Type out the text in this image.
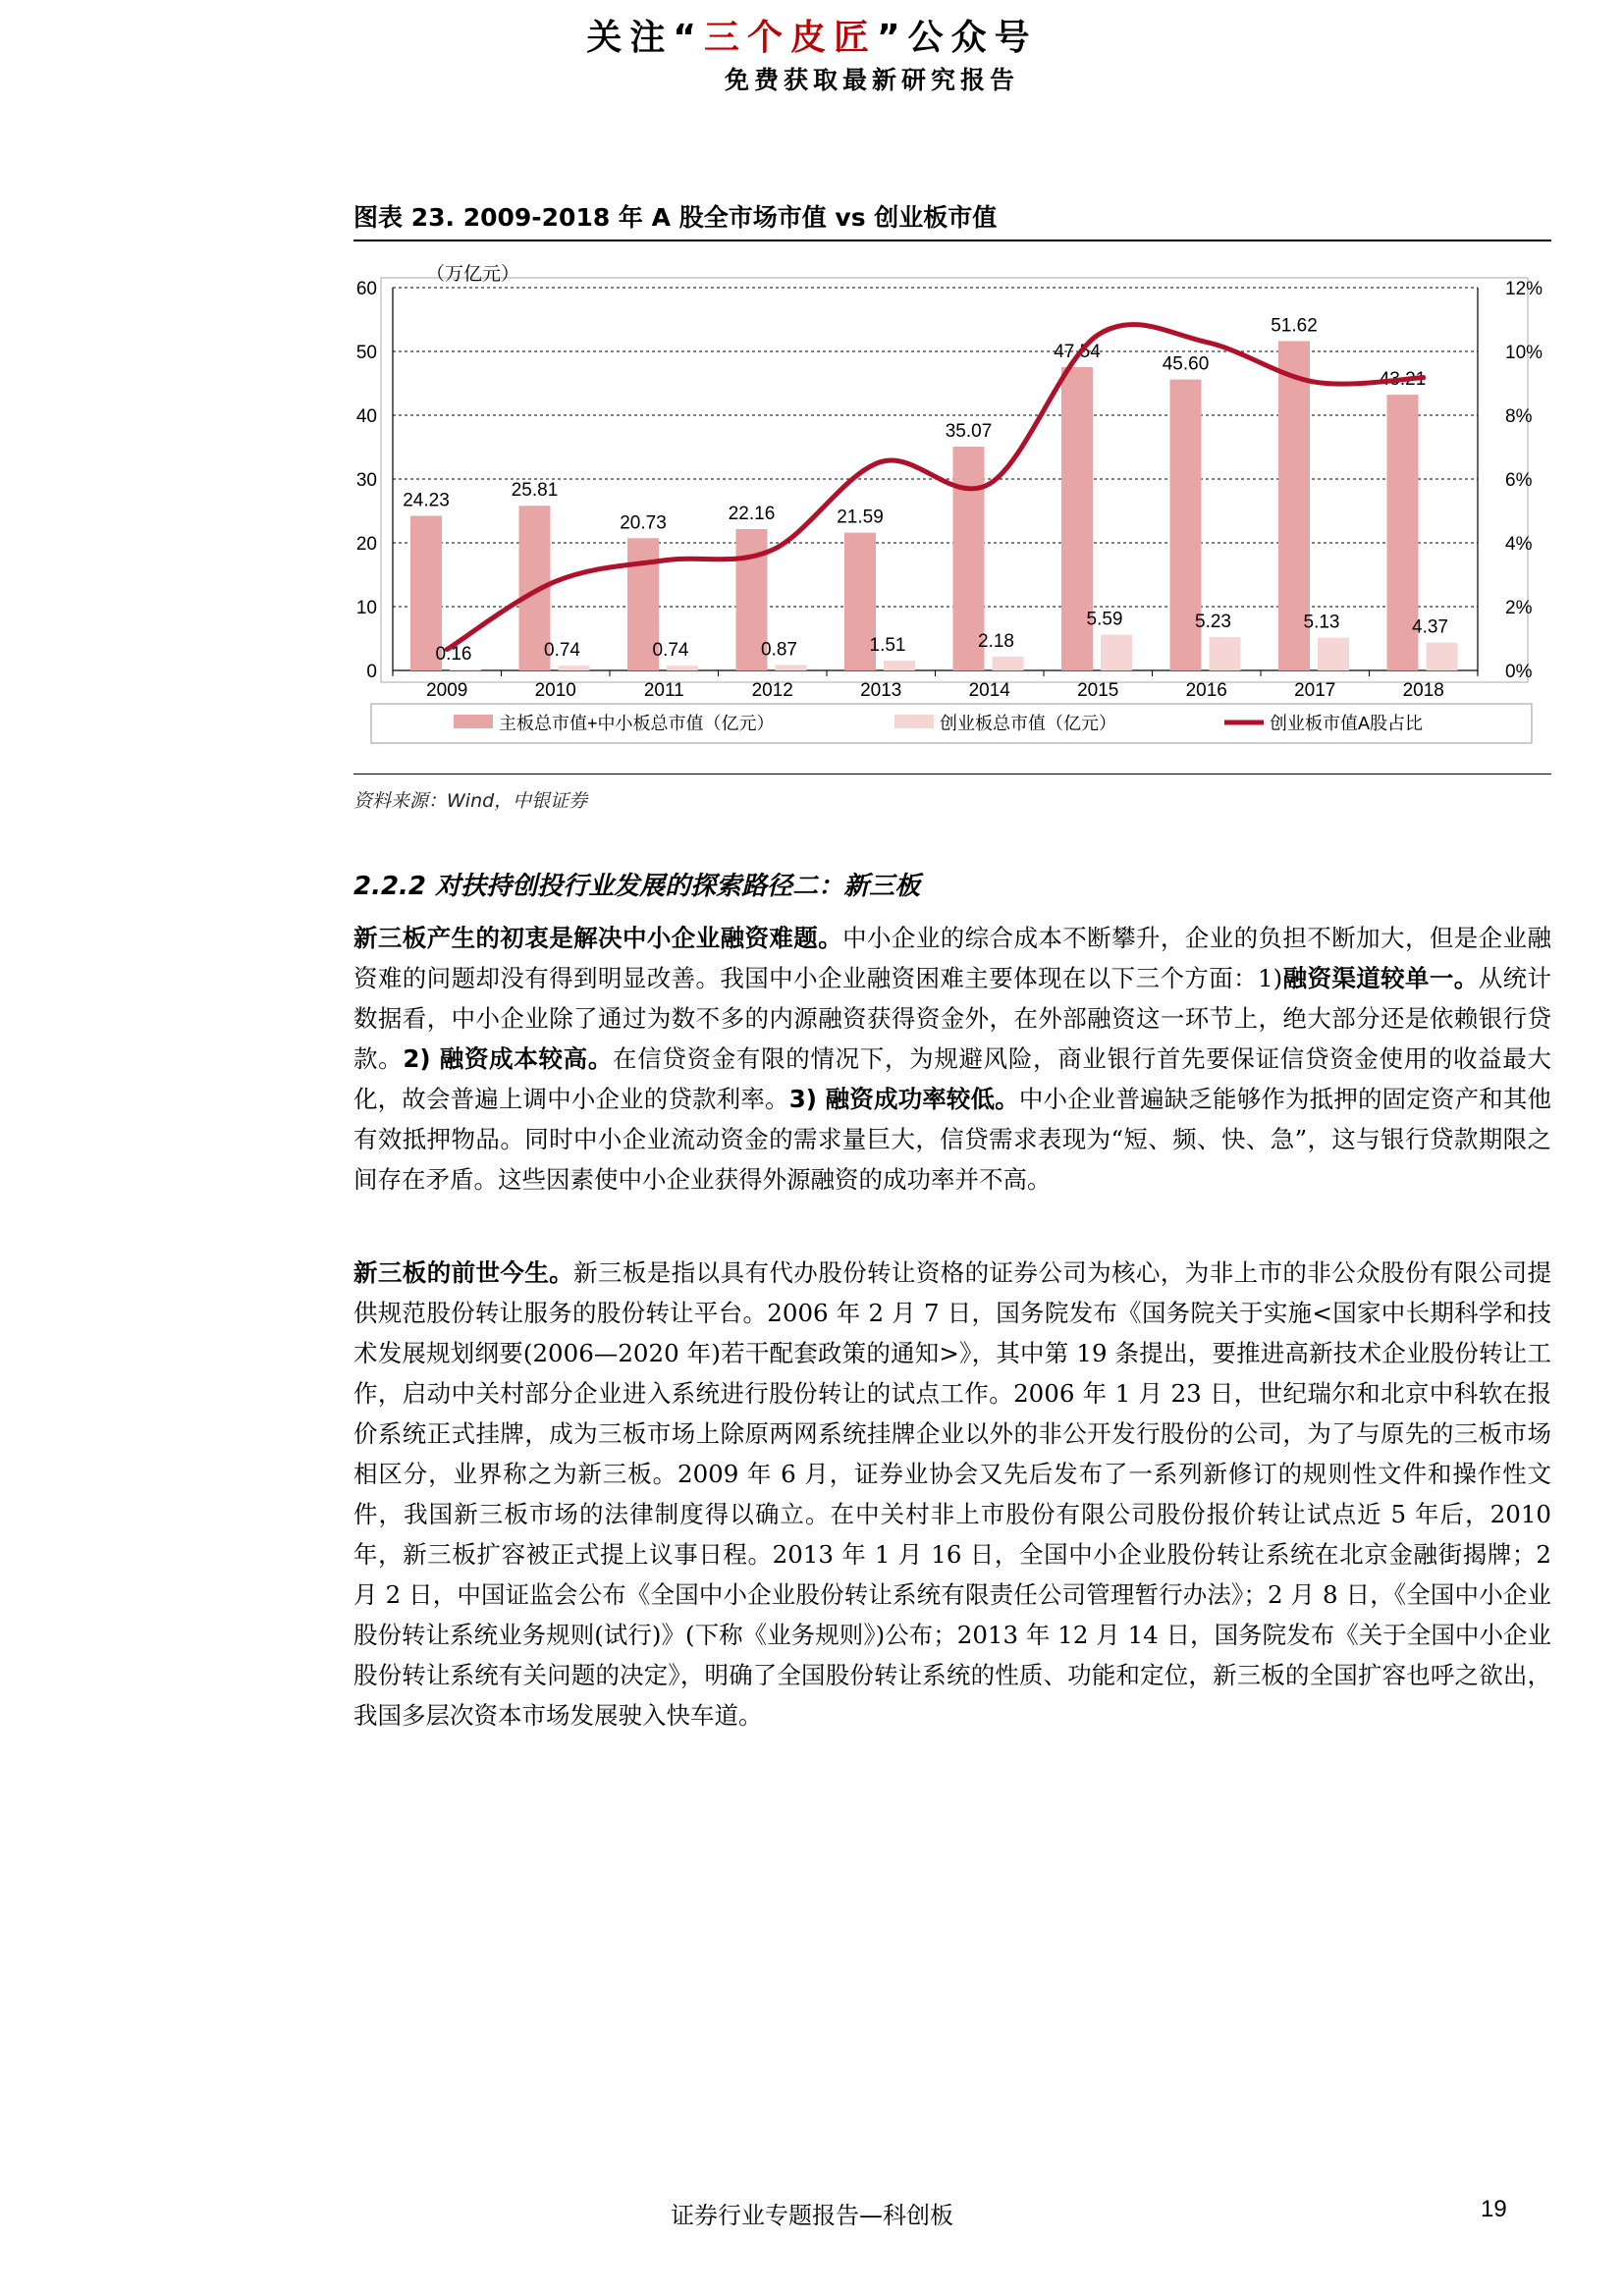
关注“三个皮匠”公众号
免费获取最新研究报告
图表 23. 2009-2018 年 A 股全市场市值 vs 创业板市值
0
10
20
30
40
50
60
0%
2%
4%
6%
8%
10%
12%
（万亿元）
24.23
0.16
2009
25.81
0.74
2010
20.73
0.74
2011
22.16
0.87
2012
21.59
1.51
2013
35.07
2.18
2014
47.54
5.59
2015
45.60
5.23
2016
51.62
5.13
2017
43.21
4.37
2018
主板总市值+中小板总市值（亿元）	创业板总市值（亿元）	创业板市值A股占比
资料来源：Wind，中银证券
2.2.2 对扶持创投行业发展的探索路径二：新三板

新三板产生的初衷是解决中小企业融资难题。中小企业的综合成本不断攀升，企业的负担不断加大，但是企业融资难的问题却没有得到明显改善。我国中小企业融资困难主要体现在以下三个方面：1)融资渠道较单一。从统计数据看，中小企业除了通过为数不多的内源融资获得资金外，在外部融资这一环节上，绝大部分还是依赖银行贷款。2) 融资成本较高。在信贷资金有限的情况下，为规避风险，商业银行首先要保证信贷资金使用的收益最大化，故会普遍上调中小企业的贷款利率。3) 融资成功率较低。中小企业普遍缺乏能够作为抵押的固定资产和其他有效抵押物品。同时中小企业流动资金的需求量巨大，信贷需求表现为“短、频、快、急”，这与银行贷款期限之间存在矛盾。这些因素使中小企业获得外源融资的成功率并不高。

新三板的前世今生。新三板是指以具有代办股份转让资格的证券公司为核心，为非上市的非公众股份有限公司提供规范股份转让服务的股份转让平台。2006 年 2 月 7 日，国务院发布《国务院关于实施<国家中长期科学和技术发展规划纲要(2006—2020 年)若干配套政策的通知>》，其中第 19 条提出，要推进高新技术企业股份转让工作，启动中关村部分企业进入系统进行股份转让的试点工作。2006 年 1 月 23 日，世纪瑞尔和北京中科软在报价系统正式挂牌，成为三板市场上除原两网系统挂牌企业以外的非公开发行股份的公司，为了与原先的三板市场相区分，业界称之为新三板。2009 年 6 月，证券业协会又先后发布了一系列新修订的规则性文件和操作性文件，我国新三板市场的法律制度得以确立。在中关村非上市股份有限公司股份报价转让试点近 5 年后，2010 年，新三板扩容被正式提上议事日程。2013 年 1 月 16 日，全国中小企业股份转让系统在北京金融街揭牌；2 月 2 日，中国证监会公布《全国中小企业股份转让系统有限责任公司管理暂行办法》；2 月 8 日，《全国中小企业股份转让系统业务规则(试行)》(下称《业务规则》)公布；2013 年 12 月 14 日，国务院发布《关于全国中小企业股份转让系统有关问题的决定》，明确了全国股份转让系统的性质、功能和定位，新三板的全国扩容也呼之欲出，我国多层次资本市场发展驶入快车道。

证券行业专题报告—科创板	19
